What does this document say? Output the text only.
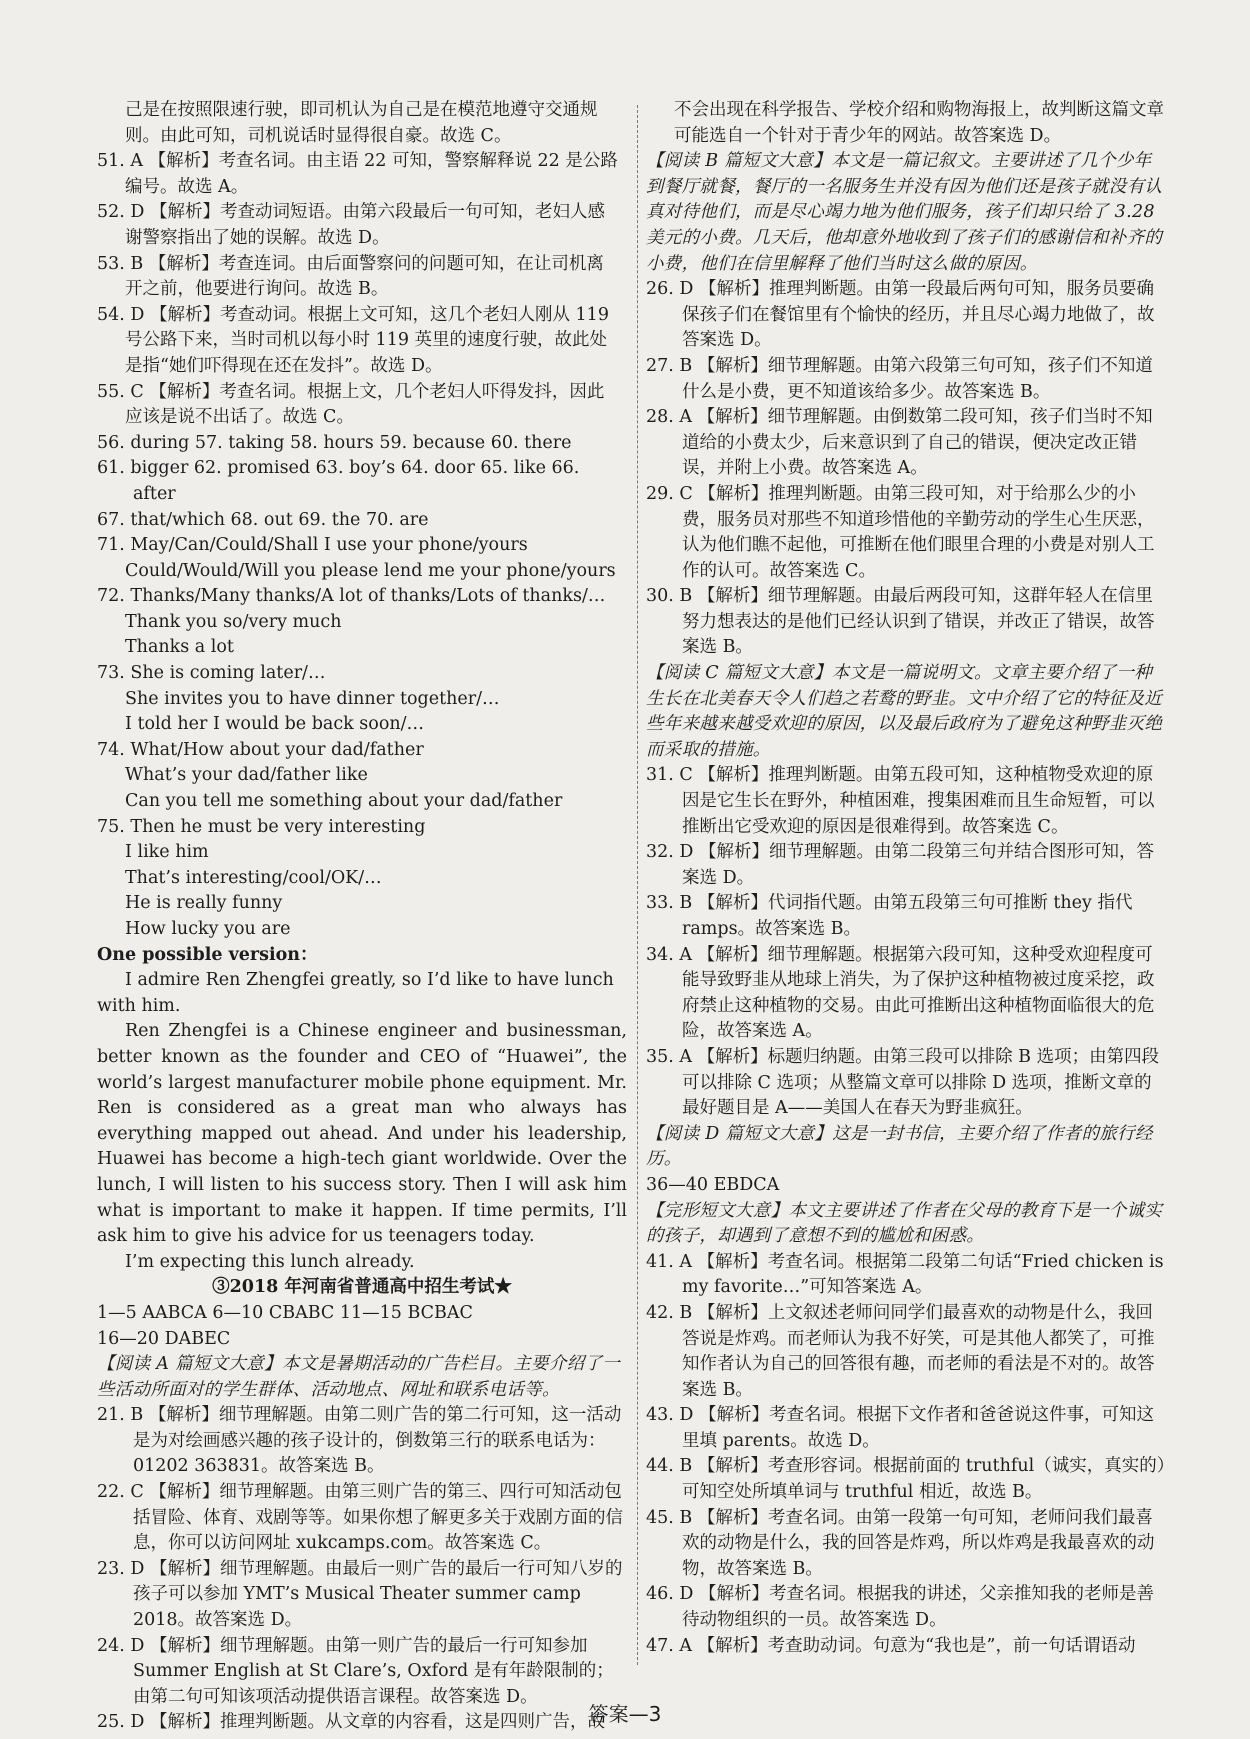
己是在按照限速行驶，即司机认为自己是在模范地遵守交通规

则。由此可知，司机说话时显得很自豪。故选 C。

51. A 【解析】考查名词。由主语 22 可知，警察解释说 22 是公路

编号。故选 A。

52. D 【解析】考查动词短语。由第六段最后一句可知，老妇人感

谢警察指出了她的误解。故选 D。

53. B 【解析】考查连词。由后面警察问的问题可知，在让司机离

开之前，他要进行询问。故选 B。

54. D 【解析】考查动词。根据上文可知，这几个老妇人刚从 119

号公路下来，当时司机以每小时 119 英里的速度行驶，故此处

是指“她们吓得现在还在发抖”。故选 D。

55. C 【解析】考查名词。根据上文，几个老妇人吓得发抖，因此

应该是说不出话了。故选 C。

56. during 57. taking 58. hours 59. because 60. there

61. bigger 62. promised 63. boy’s 64. door 65. like 66. after

67. that/which 68. out 69. the 70. are

71. May/Can/Could/Shall I use your phone/yours

Could/Would/Will you please lend me your phone/yours

72. Thanks/Many thanks/A lot of thanks/Lots of thanks/…

Thank you so/very much

Thanks a lot

73. She is coming later/…

She invites you to have dinner together/…

I told her I would be back soon/…

74. What/How about your dad/father

What’s your dad/father like

Can you tell me something about your dad/father

75. Then he must be very interesting

I like him

That’s interesting/cool/OK/…

He is really funny

How lucky you are

One possible version：

I admire Ren Zhengfei greatly, so I’d like to have lunch with him.

Ren Zhengfei is a Chinese engineer and businessman, better known as the founder and CEO of “Huawei”, the world’s largest manufacturer mobile phone equipment. Mr. Ren is considered as a great man who always has everything mapped out ahead. And under his leadership, Huawei has become a high-tech giant worldwide. Over the lunch, I will listen to his success story. Then I will ask him what is important to make it happen. If time permits, I’ll ask him to give his advice for us teenagers today.

I’m expecting this lunch already.

③2018 年河南省普通高中招生考试★

1—5 AABCA 6—10 CBABC 11—15 BCBAC

16—20 DABEC

【阅读 A 篇短文大意】本文是暑期活动的广告栏目。主要介绍了一些活动所面对的学生群体、活动地点、网址和联系电话等。

21. B 【解析】细节理解题。由第二则广告的第二行可知，这一活动是为对绘画感兴趣的孩子设计的，倒数第三行的联系电话为：01202 363831。故答案选 B。

22. C 【解析】细节理解题。由第三则广告的第三、四行可知活动包括冒险、体育、戏剧等等。如果你想了解更多关于戏剧方面的信息，你可以访问网址 xukcamps.com。故答案选 C。

23. D 【解析】细节理解题。由最后一则广告的最后一行可知八岁的孩子可以参加 YMT’s Musical Theater summer camp 2018。故答案选 D。

24. D 【解析】细节理解题。由第一则广告的最后一行可知参加 Summer English at St Clare’s, Oxford 是有年龄限制的；由第二句可知该项活动提供语言课程。故答案选 D。

25. D 【解析】推理判断题。从文章的内容看，这是四则广告，故

不会出现在科学报告、学校介绍和购物海报上，故判断这篇文章可能选自一个针对于青少年的网站。故答案选 D。

【阅读 B 篇短文大意】本文是一篇记叙文。主要讲述了几个少年到餐厅就餐，餐厅的一名服务生并没有因为他们还是孩子就没有认真对待他们，而是尽心竭力地为他们服务，孩子们却只给了 3.28 美元的小费。几天后，他却意外地收到了孩子们的感谢信和补齐的小费，他们在信里解释了他们当时这么做的原因。

26. D 【解析】推理判断题。由第一段最后两句可知，服务员要确保孩子们在餐馆里有个愉快的经历，并且尽心竭力地做了，故答案选 D。

27. B 【解析】细节理解题。由第六段第三句可知，孩子们不知道什么是小费，更不知道该给多少。故答案选 B。

28. A 【解析】细节理解题。由倒数第二段可知，孩子们当时不知道给的小费太少，后来意识到了自己的错误，便决定改正错误，并附上小费。故答案选 A。

29. C 【解析】推理判断题。由第三段可知，对于给那么少的小费，服务员对那些不知道珍惜他的辛勤劳动的学生心生厌恶，认为他们瞧不起他，可推断在他们眼里合理的小费是对别人工作的认可。故答案选 C。

30. B 【解析】细节理解题。由最后两段可知，这群年轻人在信里努力想表达的是他们已经认识到了错误，并改正了错误，故答案选 B。

【阅读 C 篇短文大意】本文是一篇说明文。文章主要介绍了一种生长在北美春天令人们趋之若鹜的野韭。文中介绍了它的特征及近些年来越来越受欢迎的原因，以及最后政府为了避免这种野韭灭绝而采取的措施。

31. C 【解析】推理判断题。由第五段可知，这种植物受欢迎的原因是它生长在野外，种植困难，搜集困难而且生命短暂，可以推断出它受欢迎的原因是很难得到。故答案选 C。

32. D 【解析】细节理解题。由第二段第三句并结合图形可知，答案选 D。

33. B 【解析】代词指代题。由第五段第三句可推断 they 指代 ramps。故答案选 B。

34. A 【解析】细节理解题。根据第六段可知，这种受欢迎程度可能导致野韭从地球上消失，为了保护这种植物被过度采挖，政府禁止这种植物的交易。由此可推断出这种植物面临很大的危险，故答案选 A。

35. A 【解析】标题归纳题。由第三段可以排除 B 选项；由第四段可以排除 C 选项；从整篇文章可以排除 D 选项，推断文章的最好题目是 A——美国人在春天为野韭疯狂。

【阅读 D 篇短文大意】这是一封书信，主要介绍了作者的旅行经历。

36—40 EBDCA

【完形短文大意】本文主要讲述了作者在父母的教育下是一个诚实的孩子，却遇到了意想不到的尴尬和困惑。

41. A 【解析】考查名词。根据第二段第二句话“Fried chicken is my favorite…”可知答案选 A。

42. B 【解析】上文叙述老师问同学们最喜欢的动物是什么，我回答说是炸鸡。而老师认为我不好笑，可是其他人都笑了，可推知作者认为自己的回答很有趣，而老师的看法是不对的。故答案选 B。

43. D 【解析】考查名词。根据下文作者和爸爸说这件事，可知这里填 parents。故选 D。

44. B 【解析】考查形容词。根据前面的 truthful（诚实，真实的）可知空处所填单词与 truthful 相近，故选 B。

45. B 【解析】考查名词。由第一段第一句可知，老师问我们最喜欢的动物是什么，我的回答是炸鸡，所以炸鸡是我最喜欢的动物，故答案选 B。

46. D 【解析】考查名词。根据我的讲述，父亲推知我的老师是善待动物组织的一员。故答案选 D。

47. A 【解析】考查助动词。句意为“我也是”，前一句话谓语动

答案—3
